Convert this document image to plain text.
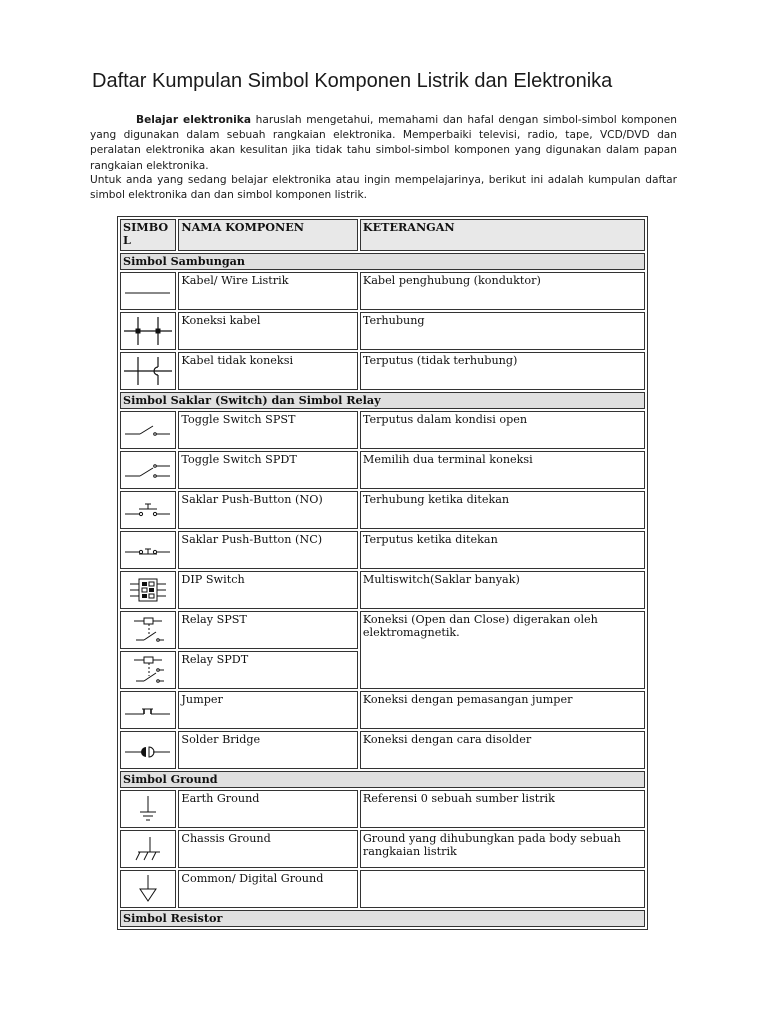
Daftar Kumpulan Simbol Komponen Listrik dan Elektronika

Belajar elektronika haruslah mengetahui, memahami dan hafal dengan simbol-simbol komponen yang digunakan dalam sebuah rangkaian elektronika. Memperbaiki televisi, radio, tape, VCD/DVD dan peralatan elektronika akan kesulitan jika tidak tahu simbol-simbol komponen yang digunakan dalam papan rangkaian elektronika.

Untuk anda yang sedang belajar elektronika atau ingin mempelajarinya, berikut ini adalah kumpulan daftar simbol elektronika dan dan simbol komponen listrik.

SIMBOL	NAMA KOMPONEN	KETERANGAN
Simbol Sambungan		

	Kabel/ Wire Listrik	Kabel penghubung (konduktor)

	Koneksi kabel	Terhubung

	Kabel tidak koneksi	Terputus (tidak terhubung)
Simbol Saklar (Switch) dan Simbol Relay		

	Toggle Switch SPST	Terputus dalam kondisi open

	Toggle Switch SPDT	Memilih dua terminal koneksi

	Saklar Push-Button (NO)	Terhubung ketika ditekan

	Saklar Push-Button (NC)	Terputus ketika ditekan

	DIP Switch	Multiswitch(Saklar banyak)

	Relay SPST	Koneksi (Open dan Close) digerakan oleh elektromagnetik.

	Relay SPDT	

	Jumper	Koneksi dengan pemasangan jumper

	Solder Bridge	Koneksi dengan cara disolder
Simbol Ground		

	Earth Ground	Referensi 0 sebuah sumber listrik

	Chassis Ground	Ground yang dihubungkan pada body sebuah rangkaian listrik

	Common/ Digital Ground	
Simbol Resistor		
